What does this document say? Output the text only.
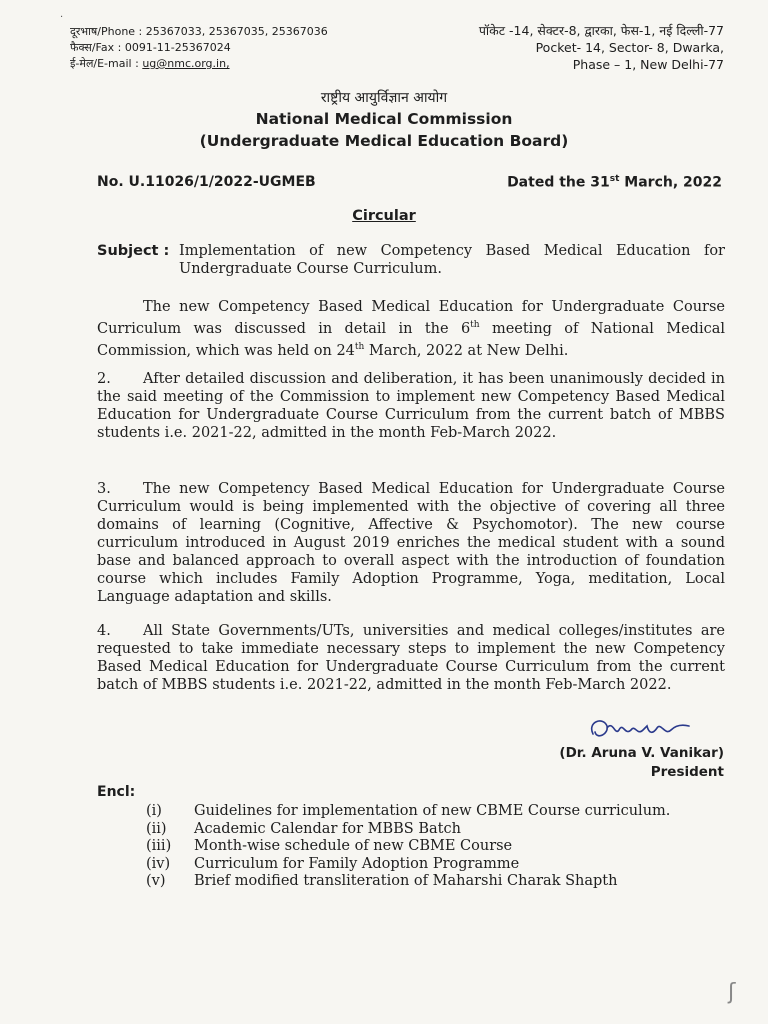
दूरभाष/Phone : 25367033, 25367035, 25367036
फैक्स/Fax : 0091-11-25367024
ई-मेल/E-mail : ug@nmc.org.in,
पॉकेट -14, सेक्टर-8, द्वारका, फेस-1, नई दिल्ली-77
Pocket- 14, Sector- 8, Dwarka,
Phase – 1, New Delhi-77
राष्ट्रीय आयुर्विज्ञान आयोग
National Medical Commission
(Undergraduate Medical Education Board)
No. U.11026/1/2022-UGMEB	Dated the 31st March, 2022
Circular
Subject : Implementation of new Competency Based Medical Education for Undergraduate Course Curriculum.
The new Competency Based Medical Education for Undergraduate Course Curriculum was discussed in detail in the 6th meeting of National Medical Commission, which was held on 24th March, 2022 at New Delhi.
2. After detailed discussion and deliberation, it has been unanimously decided in the said meeting of the Commission to implement new Competency Based Medical Education for Undergraduate Course Curriculum from the current batch of MBBS students i.e. 2021-22, admitted in the month Feb-March 2022.
3. The new Competency Based Medical Education for Undergraduate Course Curriculum would is being implemented with the objective of covering all three domains of learning (Cognitive, Affective & Psychomotor). The new course curriculum introduced in August 2019 enriches the medical student with a sound base and balanced approach to overall aspect with the introduction of foundation course which includes Family Adoption Programme, Yoga, meditation, Local Language adaptation and skills.
4. All State Governments/UTs, universities and medical colleges/institutes are requested to take immediate necessary steps to implement the new Competency Based Medical Education for Undergraduate Course Curriculum from the current batch of MBBS students i.e. 2021-22, admitted in the month Feb-March 2022.
(Dr. Aruna V. Vanikar)
President
Encl:
(i)	Guidelines for implementation of new CBME Course curriculum.
(ii)	Academic Calendar for MBBS Batch
(iii)	Month-wise schedule of new CBME Course
(iv)	Curriculum for Family Adoption Programme
(v)	Brief modified transliteration of Maharshi Charak Shapth
·
ʃ
